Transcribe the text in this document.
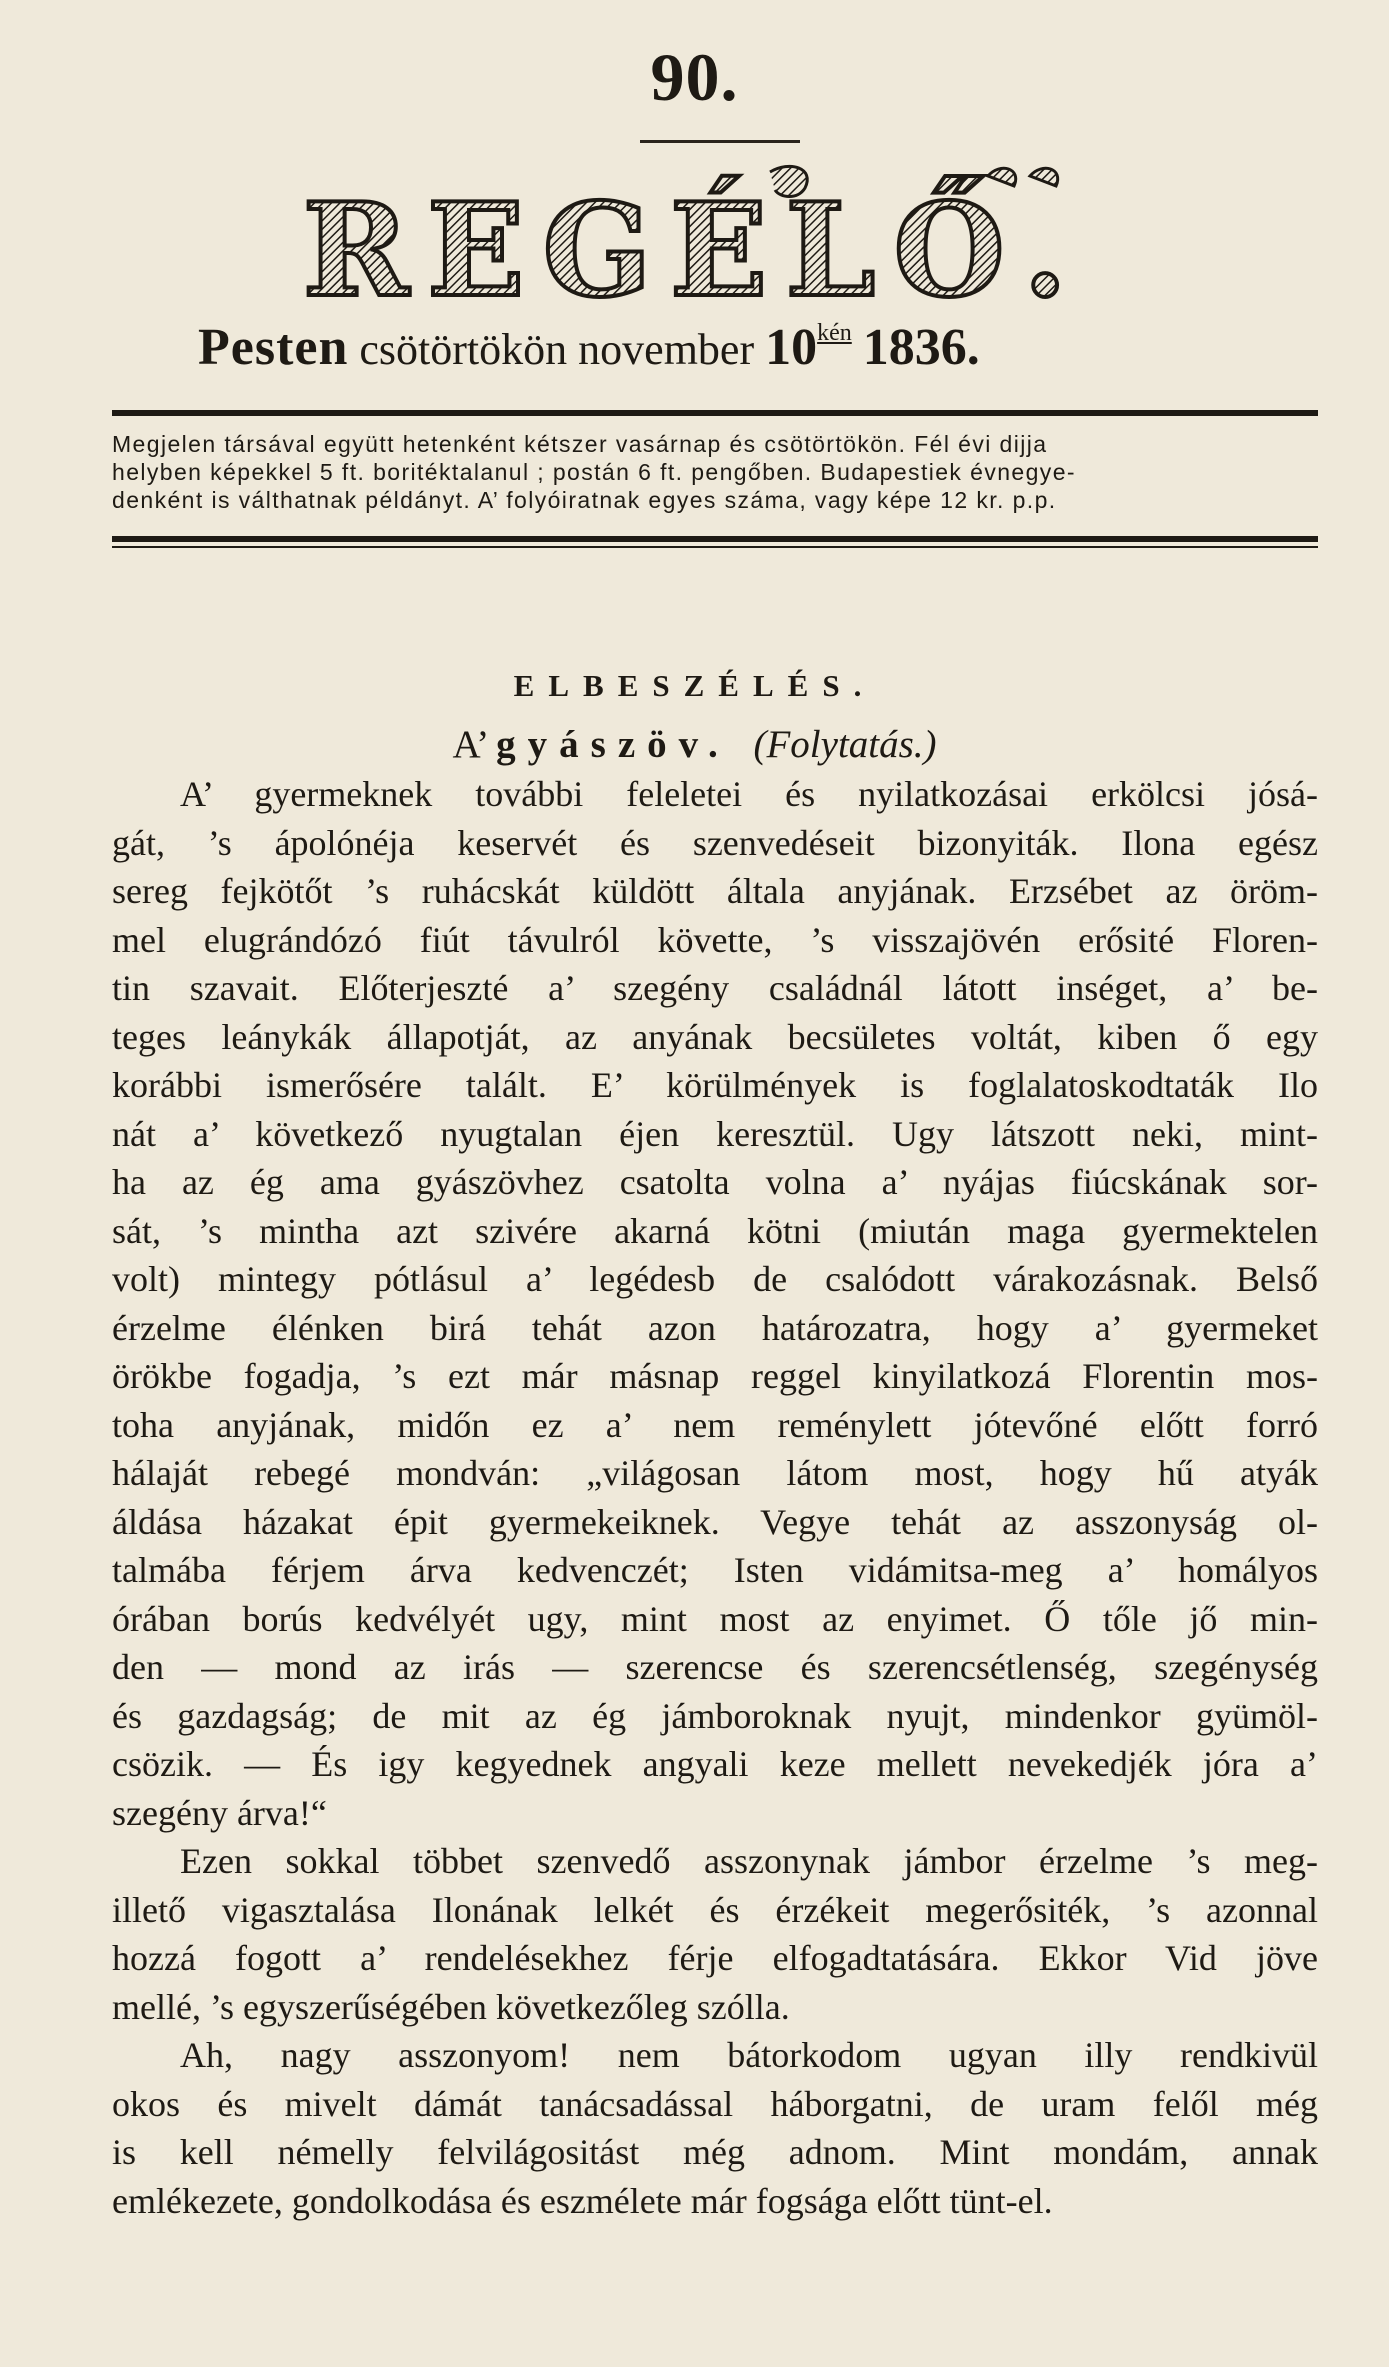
90.
REGÉLŐ.
Pesten csötörtökön november $10^{kén}$ 1836.
Megjelen társával együtt hetenként kétszer vasárnap és csötörtökön. Fél évi dijja
helyben képekkel 5 ft. boritéktalanul ; postán 6 ft. pengőben. Budapestiek évnegye-
denként is válthatnak példányt. A’ folyóiratnak egyes száma, vagy képe 12 kr. p.p.
ELBESZÉLÉS.
A’ gyászöv. (Folytatás.)
A’ gyermeknek további feleletei és nyilatkozásai erkölcsi jósá-
gát, ’s ápolónéja keservét és szenvedéseit bizonyiták. Ilona egész
sereg fejkötőt ’s ruhácskát küldött általa anyjának. Erzsébet az öröm-
mel elugrándózó fiút távulról követte, ’s visszajövén erősité Floren-
tin szavait. Előterjeszté a’ szegény családnál látott inséget, a’ be-
teges leánykák állapotját, az anyának becsületes voltát, kiben ő egy
korábbi ismerősére talált. E’ körülmények is foglalatoskodtaták Ilo
nát a’ következő nyugtalan éjen keresztül. Ugy látszott neki, mint-
ha az ég ama gyászövhez csatolta volna a’ nyájas fiúcskának sor-
sát, ’s mintha azt szivére akarná kötni (miután maga gyermektelen
volt) mintegy pótlásul a’ legédesb de csalódott várakozásnak. Belső
érzelme élénken birá tehát azon határozatra, hogy a’ gyermeket
örökbe fogadja, ’s ezt már másnap reggel kinyilatkozá Florentin mos-
toha anyjának, midőn ez a’ nem reménylett jótevőné előtt forró
hálaját rebegé mondván: „világosan látom most, hogy hű atyák
áldása házakat épit gyermekeiknek. Vegye tehát az asszonyság ol-
talmába férjem árva kedvenczét; Isten vidámitsa-meg a’ homályos
órában borús kedvélyét ugy, mint most az enyimet. Ő tőle jő min-
den — mond az irás — szerencse és szerencsétlenség, szegénység
és gazdagság; de mit az ég jámboroknak nyujt, mindenkor gyümöl-
csözik. — És igy kegyednek angyali keze mellett nevekedjék jóra a’
szegény árva!“
Ezen sokkal többet szenvedő asszonynak jámbor érzelme ’s meg-
illető vigasztalása Ilonának lelkét és érzékeit megerősiték, ’s azonnal
hozzá fogott a’ rendelésekhez férje elfogadtatására. Ekkor Vid jöve
mellé, ’s egyszerűségében következőleg szólla.
Ah, nagy asszonyom! nem bátorkodom ugyan illy rendkivül
okos és mivelt dámát tanácsadással háborgatni, de uram felől még
is kell némelly felvilágositást még adnom. Mint mondám, annak
emlékezete, gondolkodása és eszmélete már fogsága előtt tünt-el.
